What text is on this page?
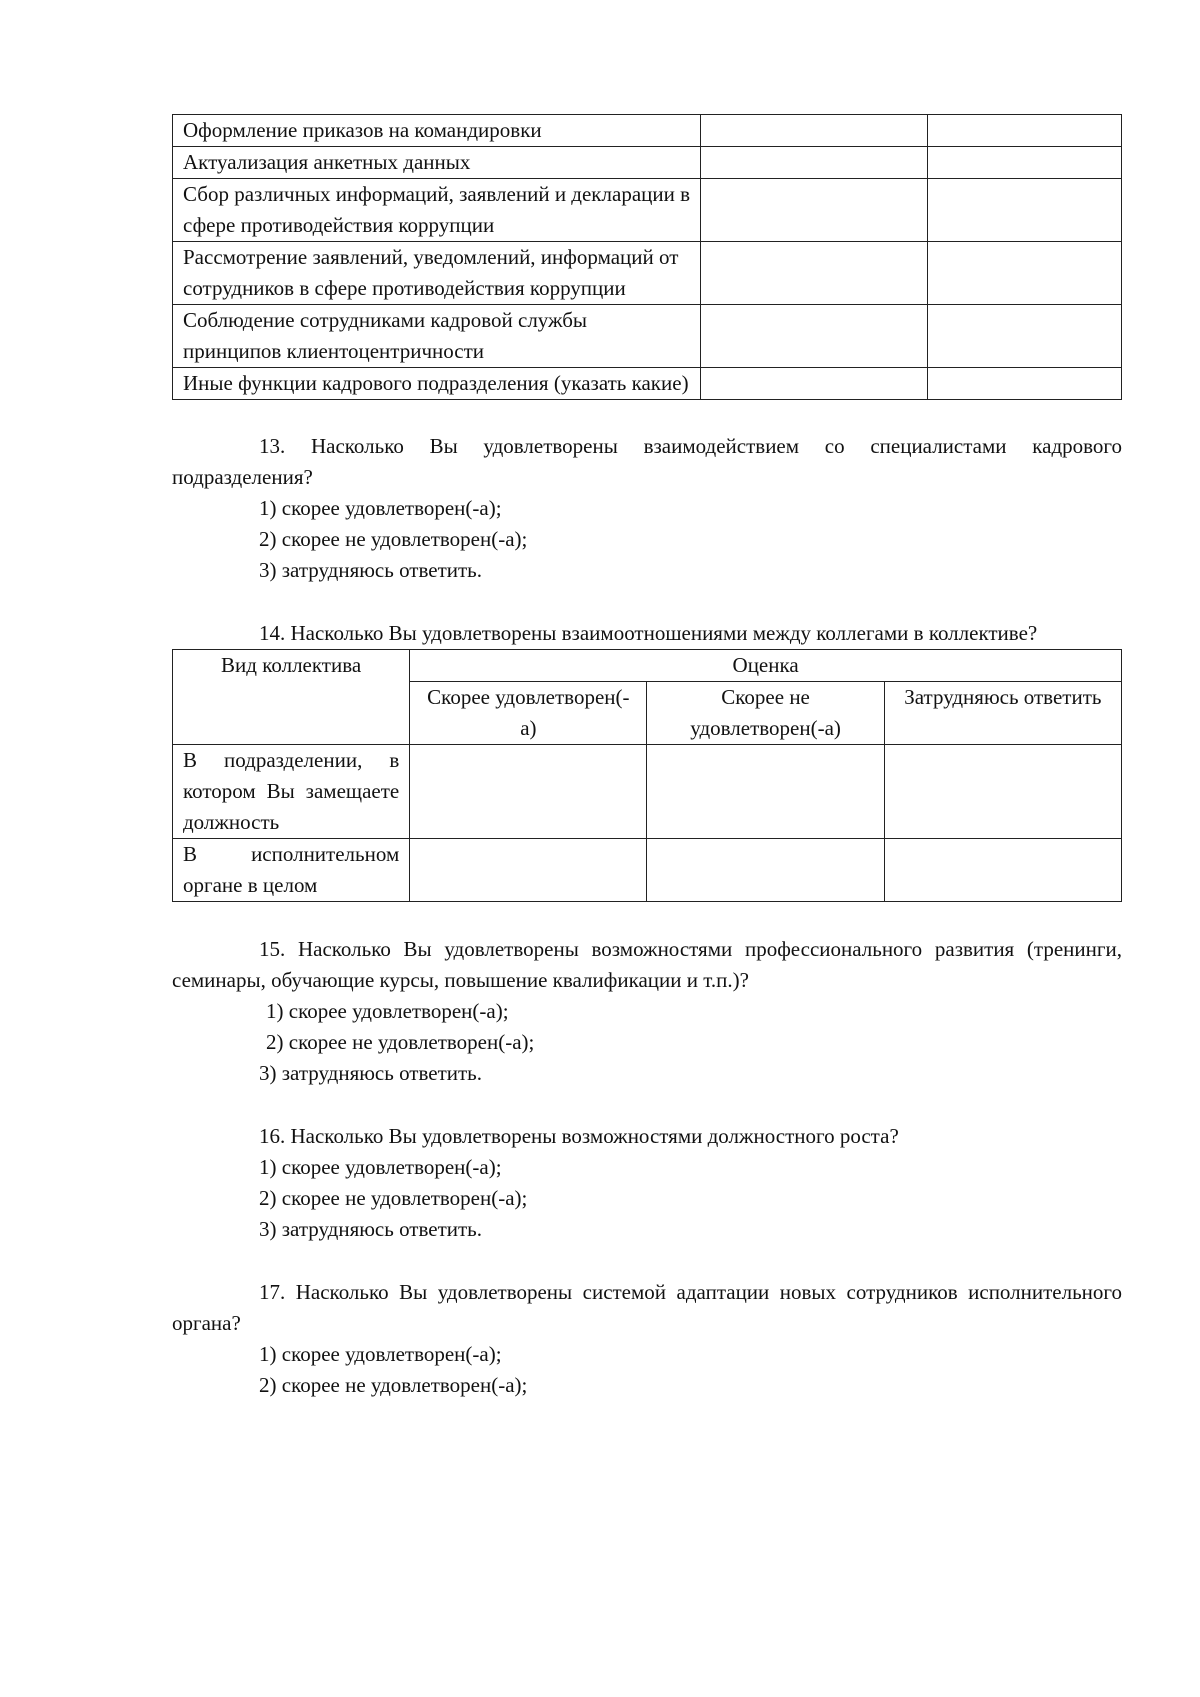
Оформление приказов на командировки		
Актуализация анкетных данных		
Сбор различных информаций, заявлений и декларации в сфере противодействия коррупции		
Рассмотрение заявлений, уведомлений, информаций от сотрудников в сфере противодействия коррупции		
Соблюдение сотрудниками кадровой службы принципов клиентоцентричности		
Иные функции кадрового подразделения (указать какие)		

13. Насколько Вы удовлетворены взаимодействием со специалистами кадрового подразделения?

1) скорее удовлетворен(-а);

2) скорее не удовлетворен(-а);

3) затрудняюсь ответить.

14. Насколько Вы удовлетворены взаимоотношениями между коллегами в коллективе?

Вид коллектива	Оценка		
	Скорее удовлетворен(-а)	Скорее не удовлетворен(-а)	Затрудняюсь ответить
В подразделении, в котором Вы замещаете должность			
В исполнительном органе в целом			

15. Насколько Вы удовлетворены возможностями профессионального развития (тренинги, семинары, обучающие курсы, повышение квалификации и т.п.)?

1) скорее удовлетворен(-а);

2) скорее не удовлетворен(-а);

3) затрудняюсь ответить.

16. Насколько Вы удовлетворены возможностями должностного роста?

1) скорее удовлетворен(-а);

2) скорее не удовлетворен(-а);

3) затрудняюсь ответить.

17. Насколько Вы удовлетворены системой адаптации новых сотрудников исполнительного органа?

1) скорее удовлетворен(-а);

2) скорее не удовлетворен(-а);
